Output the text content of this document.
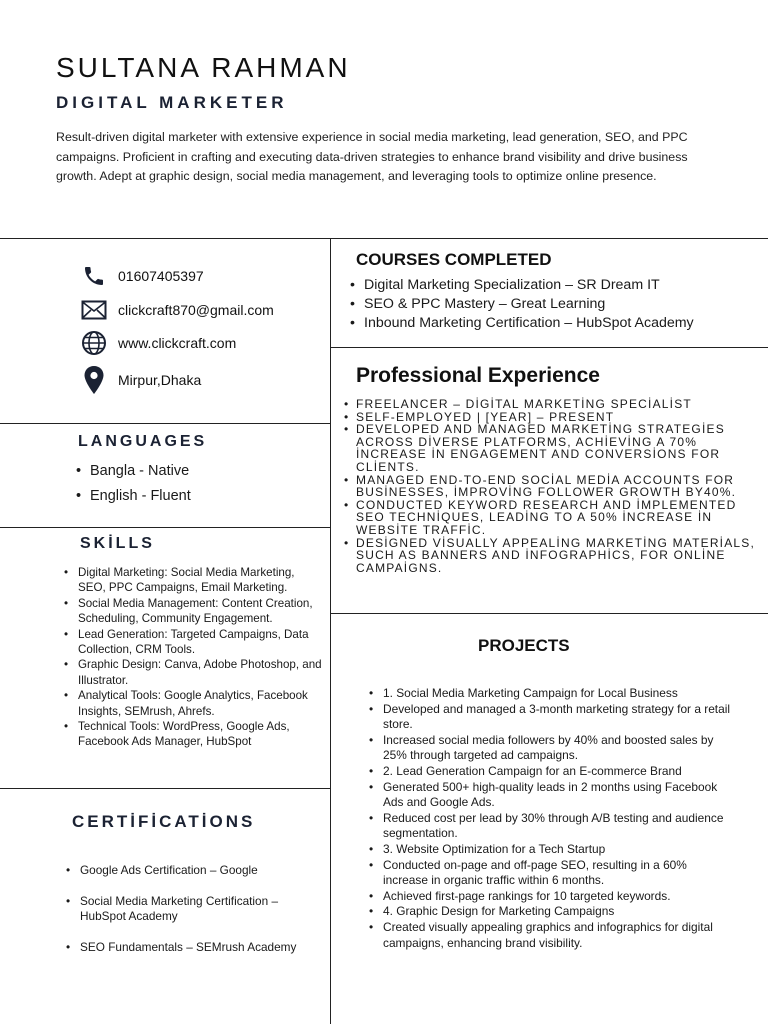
SULTANA RAHMAN
DIGITAL MARKETER
Result-driven digital marketer with extensive experience in social media marketing, lead generation, SEO, and PPC campaigns. Proficient in crafting and executing data-driven strategies to enhance brand visibility and drive business growth. Adept at graphic design, social media management, and leveraging tools to optimize online presence.
01607405397
clickcraft870@gmail.com
www.clickcraft.com
Mirpur,Dhaka
LANGUAGES
• Bangla - Native
• English - Fluent
SKİLLS
• Digital Marketing: Social Media Marketing, SEO, PPC Campaigns, Email Marketing.
• Social Media Management: Content Creation, Scheduling, Community Engagement.
• Lead Generation: Targeted Campaigns, Data Collection, CRM Tools.
• Graphic Design: Canva, Adobe Photoshop, and Illustrator.
• Analytical Tools: Google Analytics, Facebook Insights, SEMrush, Ahrefs.
• Technical Tools: WordPress, Google Ads, Facebook Ads Manager, HubSpot
CERTİFİCATİONS
• Google Ads Certification – Google
• Social Media Marketing Certification – HubSpot Academy
• SEO Fundamentals – SEMrush Academy
COURSES COMPLETED
• Digital Marketing Specialization – SR Dream IT
• SEO & PPC Mastery – Great Learning
• Inbound Marketing Certification – HubSpot Academy
Professional Experience
• FREELANCER – DİGİTAL MARKETİNG SPECİALİST
• SELF-EMPLOYED | [YEAR] – PRESENT
• DEVELOPED AND MANAGED MARKETİNG STRATEGİES ACROSS DİVERSE PLATFORMS, ACHİEVİNG A 70% İNCREASE İN ENGAGEMENT AND CONVERSİONS FOR CLİENTS.
• MANAGED END-TO-END SOCİAL MEDİA ACCOUNTS FOR BUSİNESSES, İMPROVİNG FOLLOWER GROWTH BY40%.
• CONDUCTED KEYWORD RESEARCH AND İMPLEMENTED SEO TECHNİQUES, LEADİNG TO A 50% İNCREASE İN WEBSİTE TRAFFİC.
• DESİGNED VİSUALLY APPEALİNG MARKETİNG MATERİALS, SUCH AS BANNERS AND İNFOGRAPHİCS, FOR ONLİNE CAMPAİGNS.
PROJECTS
• 1. Social Media Marketing Campaign for Local Business
• Developed and managed a 3-month marketing strategy for a retail store.
• Increased social media followers by 40% and boosted sales by 25% through targeted ad campaigns.
• 2. Lead Generation Campaign for an E-commerce Brand
• Generated 500+ high-quality leads in 2 months using Facebook Ads and Google Ads.
• Reduced cost per lead by 30% through A/B testing and audience segmentation.
• 3. Website Optimization for a Tech Startup
• Conducted on-page and off-page SEO, resulting in a 60% increase in organic traffic within 6 months.
• Achieved first-page rankings for 10 targeted keywords.
• 4. Graphic Design for Marketing Campaigns
• Created visually appealing graphics and infographics for digital campaigns, enhancing brand visibility.
